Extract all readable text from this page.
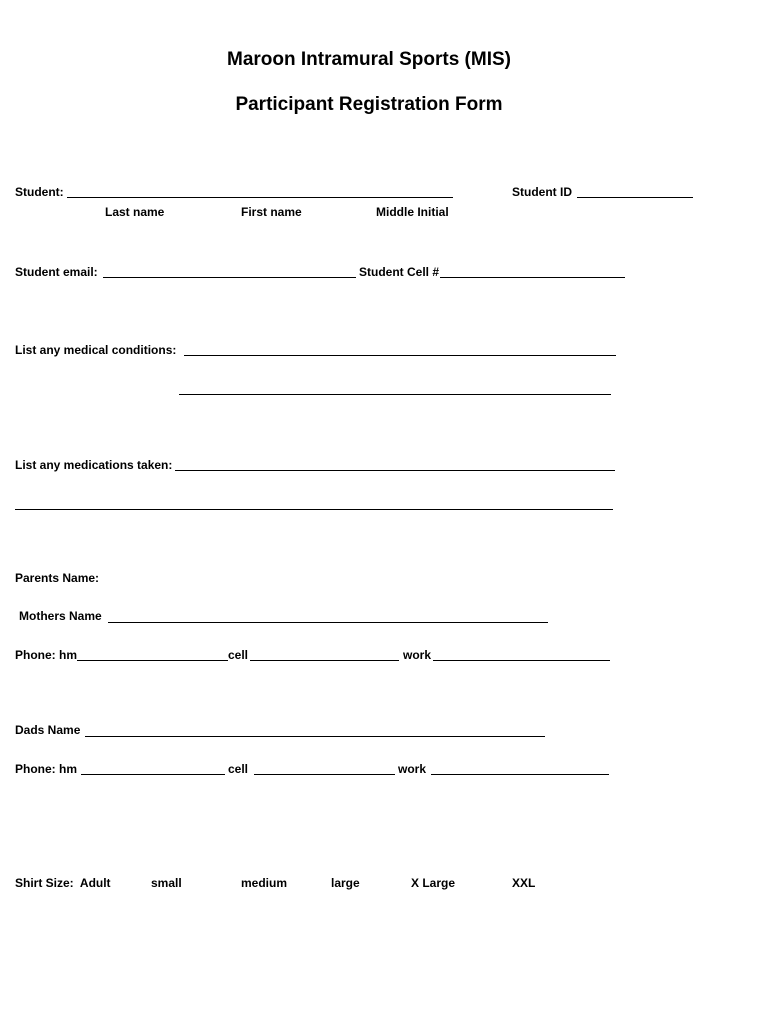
Maroon Intramural Sports (MIS)
Participant Registration Form
Student:	Student ID
Last name	First name	Middle Initial
Student email:	Student Cell #
List any medical conditions:
List any medications taken:
Parents Name:
Mothers Name
Phone: hm	cell	work
Dads Name
Phone: hm	cell	work
Shirt Size:  Adult	small	medium	large	X Large	XXL
